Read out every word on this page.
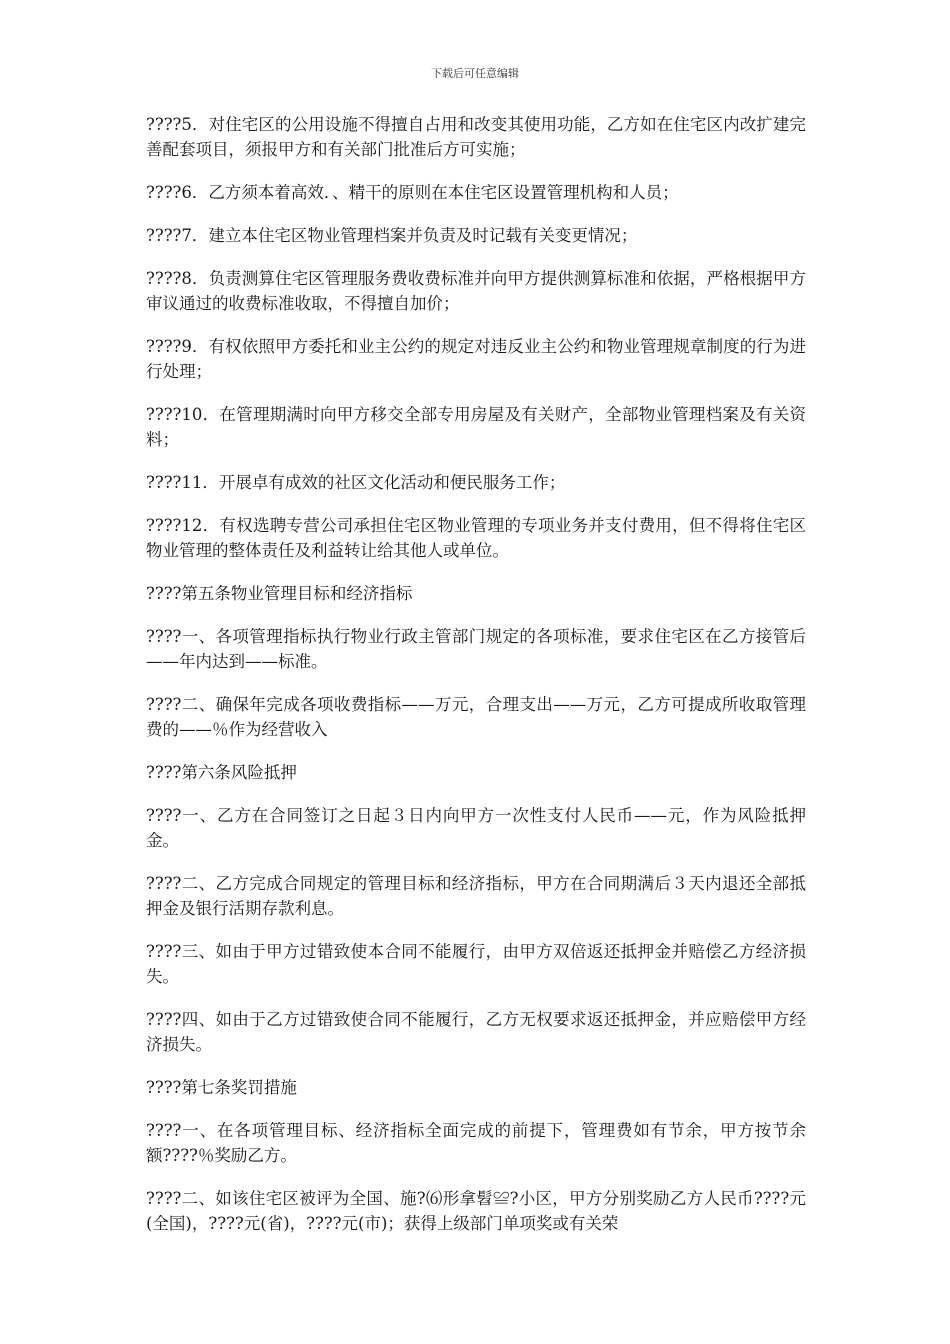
下载后可任意编辑

????5．对住宅区的公用设施不得擅自占用和改变其使用功能，乙方如在住宅区内改扩建完善配套项目，须报甲方和有关部门批准后方可实施；

????6．乙方须本着高效．、精干的原则在本住宅区设置管理机构和人员；

????7．建立本住宅区物业管理档案并负责及时记载有关变更情况；

????8．负责测算住宅区管理服务费收费标准并向甲方提供测算标准和依据，严格根据甲方审议通过的收费标准收取，不得擅自加价；

????9．有权依照甲方委托和业主公约的规定对违反业主公约和物业管理规章制度的行为进行处理；

????10．在管理期满时向甲方移交全部专用房屋及有关财产，全部物业管理档案及有关资料；

????11．开展卓有成效的社区文化活动和便民服务工作；

????12．有权选聘专营公司承担住宅区物业管理的专项业务并支付费用，但不得将住宅区物业管理的整体责任及利益转让给其他人或单位。

????第五条物业管理目标和经济指标

????一、各项管理指标执行物业行政主管部门规定的各项标准，要求住宅区在乙方接管后——年内达到——标准。

????二、确保年完成各项收费指标——万元，合理支出——万元，乙方可提成所收取管理费的——％作为经营收入

????第六条风险抵押

????一、乙方在合同签订之日起３日内向甲方一次性支付人民币——元，作为风险抵押金。

????二、乙方完成合同规定的管理目标和经济指标，甲方在合同期满后３天内退还全部抵押金及银行活期存款利息。

????三、如由于甲方过错致使本合同不能履行，由甲方双倍返还抵押金并赔偿乙方经济损失。

????四、如由于乙方过错致使合同不能履行，乙方无权要求返还抵押金，并应赔偿甲方经济损失。

????第七条奖罚措施

????一、在各项管理目标、经济指标全面完成的前提下，管理费如有节余，甲方按节余额????％奖励乙方。

????二、如该住宅区被评为全国、施?⑹形拿髫≌?小区，甲方分别奖励乙方人民币????元(全国)，????元(省)，????元(市)；获得上级部门单项奖或有关荣
